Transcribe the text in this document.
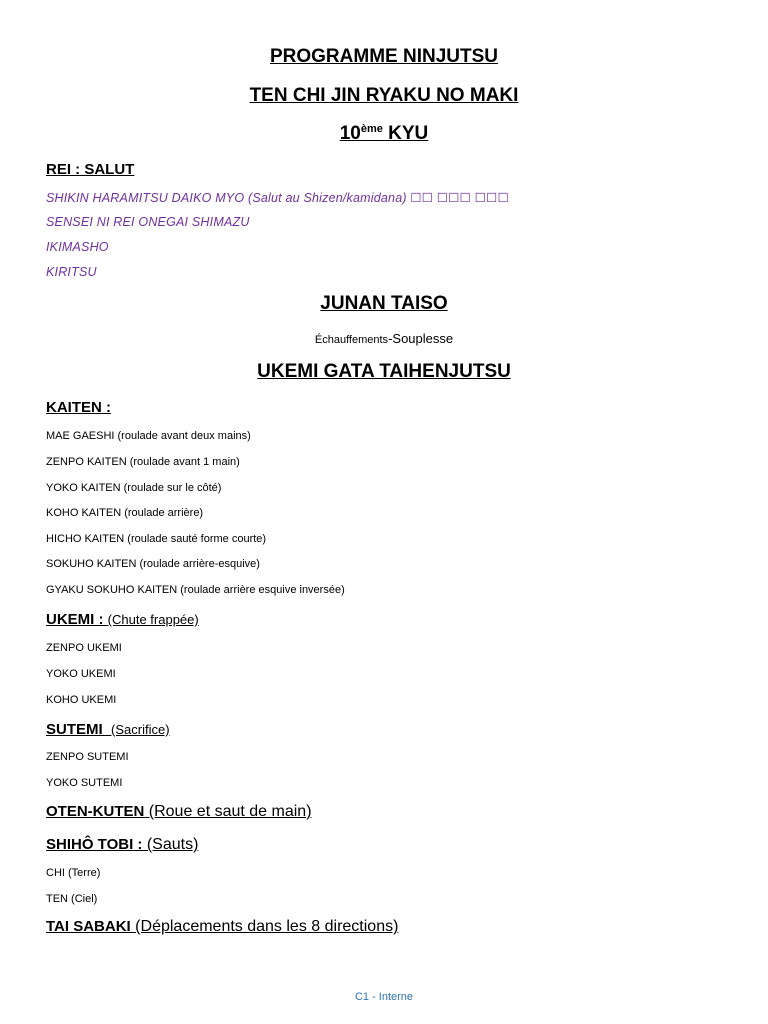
PROGRAMME NINJUTSU
TEN CHI JIN RYAKU NO MAKI
10ème KYU
REI : SALUT
SHIKIN HARAMITSU DAIKO MYO (Salut au Shizen/kamidana) ☐☐ ☐☐☐ ☐☐☐
SENSEI NI REI ONEGAI SHIMAZU
IKIMASHO
KIRITSU
JUNAN TAISO
Échauffements-Souplesse
UKEMI GATA TAIHENJUTSU
KAITEN :
MAE GAESHI (roulade avant deux mains)
ZENPO KAITEN (roulade avant 1 main)
YOKO KAITEN (roulade sur le côté)
KOHO KAITEN (roulade arrière)
HICHO KAITEN (roulade sauté forme courte)
SOKUHO KAITEN (roulade arrière-esquive)
GYAKU SOKUHO KAITEN (roulade arrière esquive inversée)
UKEMI : (Chute frappée)
ZENPO UKEMI
YOKO UKEMI
KOHO UKEMI
SUTEMI  (Sacrifice)
ZENPO SUTEMI
YOKO SUTEMI
OTEN-KUTEN (Roue et saut de main)
SHIHÔ TOBI : (Sauts)
CHI (Terre)
TEN (Ciel)
TAI SABAKI (Déplacements dans les 8 directions)
C1 - Interne
